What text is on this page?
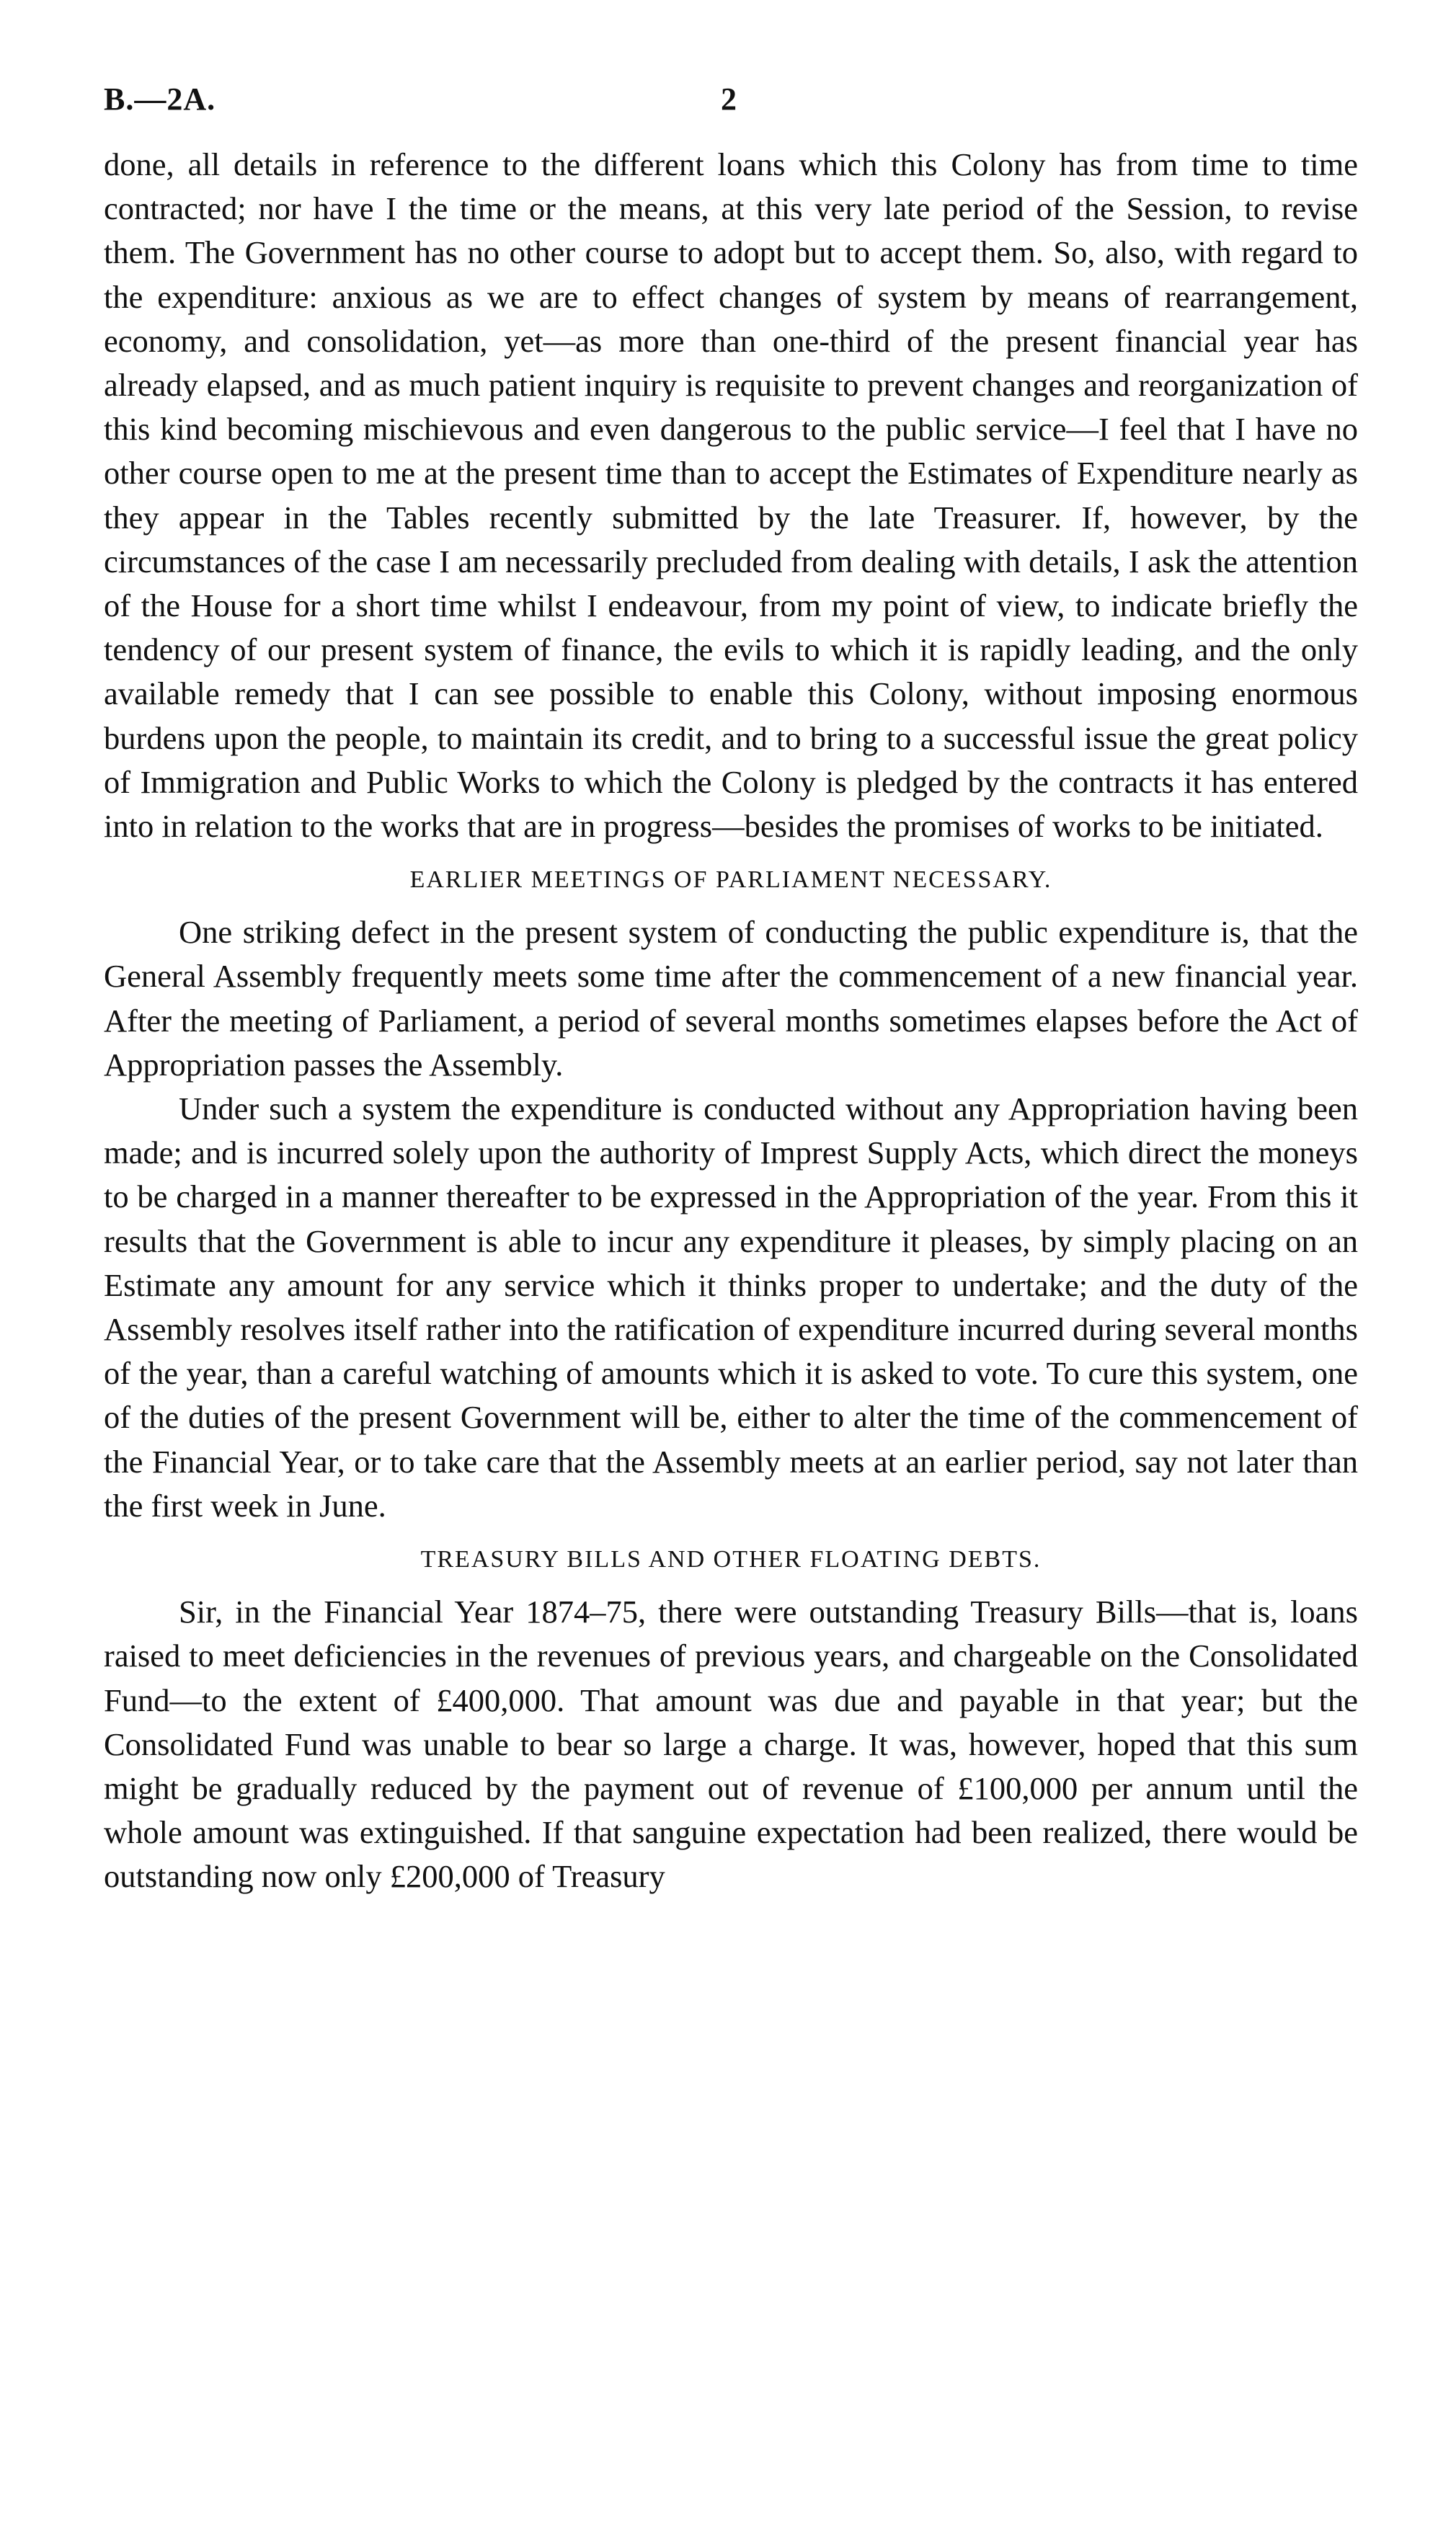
B.—2A.	2

done, all details in reference to the different loans which this Colony has from time to time contracted; nor have I the time or the means, at this very late period of the Session, to revise them. The Government has no other course to adopt but to accept them. So, also, with regard to the expenditure: anxious as we are to effect changes of system by means of rearrangement, economy, and consolidation, yet—as more than one-third of the present financial year has already elapsed, and as much patient inquiry is requisite to prevent changes and reorganization of this kind becoming mischievous and even dangerous to the public service—I feel that I have no other course open to me at the present time than to accept the Estimates of Expenditure nearly as they appear in the Tables recently submitted by the late Treasurer. If, however, by the circumstances of the case I am necessarily precluded from dealing with details, I ask the attention of the House for a short time whilst I endeavour, from my point of view, to indicate briefly the tendency of our present system of finance, the evils to which it is rapidly leading, and the only available remedy that I can see possible to enable this Colony, without imposing enormous burdens upon the people, to maintain its credit, and to bring to a successful issue the great policy of Immigration and Public Works to which the Colony is pledged by the contracts it has entered into in relation to the works that are in progress—besides the promises of works to be initiated.

EARLIER MEETINGS OF PARLIAMENT NECESSARY.

One striking defect in the present system of conducting the public expenditure is, that the General Assembly frequently meets some time after the commencement of a new financial year. After the meeting of Parliament, a period of several months sometimes elapses before the Act of Appropriation passes the Assembly.

Under such a system the expenditure is conducted without any Appropriation having been made; and is incurred solely upon the authority of Imprest Supply Acts, which direct the moneys to be charged in a manner thereafter to be expressed in the Appropriation of the year. From this it results that the Government is able to incur any expenditure it pleases, by simply placing on an Estimate any amount for any service which it thinks proper to undertake; and the duty of the Assembly resolves itself rather into the ratification of expenditure incurred during several months of the year, than a careful watching of amounts which it is asked to vote. To cure this system, one of the duties of the present Government will be, either to alter the time of the commencement of the Financial Year, or to take care that the Assembly meets at an earlier period, say not later than the first week in June.

TREASURY BILLS AND OTHER FLOATING DEBTS.

Sir, in the Financial Year 1874–75, there were outstanding Treasury Bills—that is, loans raised to meet deficiencies in the revenues of previous years, and chargeable on the Consolidated Fund—to the extent of £400,000. That amount was due and payable in that year; but the Consolidated Fund was unable to bear so large a charge. It was, however, hoped that this sum might be gradually reduced by the payment out of revenue of £100,000 per annum until the whole amount was extinguished. If that sanguine expectation had been realized, there would be outstanding now only £200,000 of Treasury
